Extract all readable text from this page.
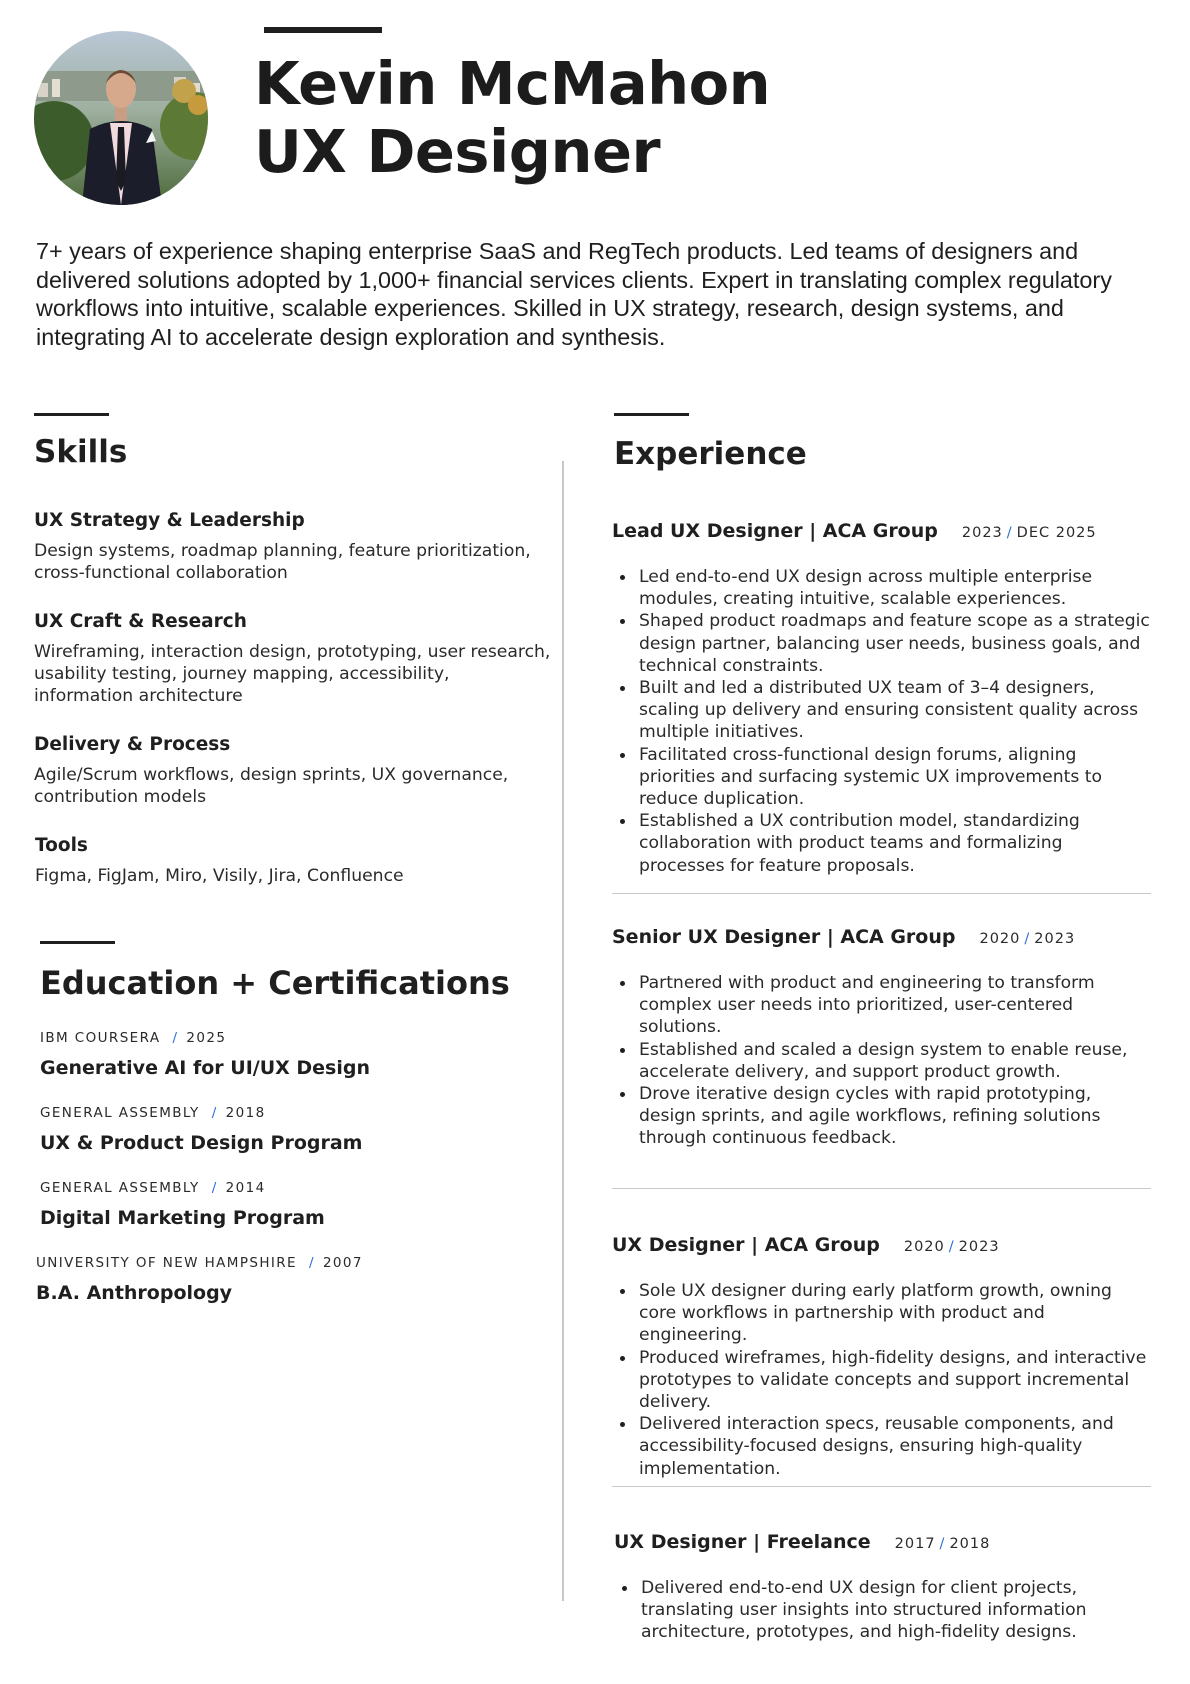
Kevin McMahon
UX Designer

7+ years of experience shaping enterprise SaaS and RegTech products. Led teams of designers and delivered solutions adopted by 1,000+ financial services clients. Expert in translating complex regulatory workflows into intuitive, scalable experiences. Skilled in UX strategy, research, design systems, and integrating AI to accelerate design exploration and synthesis.

Skills
UX Strategy & Leadership
Design systems, roadmap planning, feature prioritization, cross-functional collaboration
UX Craft & Research
Wireframing, interaction design, prototyping, user research, usability testing, journey mapping, accessibility, information architecture
Delivery & Process
Agile/Scrum workflows, design sprints, UX governance, contribution models
Tools
Figma, FigJam, Miro, Visily, Jira, Confluence
Education + Certifications
IBM COURSERA / 2025
Generative AI for UI/UX Design
GENERAL ASSEMBLY / 2018
UX & Product Design Program
GENERAL ASSEMBLY / 2014
Digital Marketing Program
UNIVERSITY OF NEW HAMPSHIRE / 2007
B.A. Anthropology
Experience
Lead UX Designer | ACA Group 2023 / DEC 2025
Led end-to-end UX design across multiple enterprise modules, creating intuitive, scalable experiences.
Shaped product roadmaps and feature scope as a strategic design partner, balancing user needs, business goals, and technical constraints.
Built and led a distributed UX team of 3–4 designers, scaling up delivery and ensuring consistent quality across multiple initiatives.
Facilitated cross-functional design forums, aligning priorities and surfacing systemic UX improvements to reduce duplication.
Established a UX contribution model, standardizing collaboration with product teams and formalizing processes for feature proposals.
Senior UX Designer | ACA Group 2020 / 2023
Partnered with product and engineering to transform complex user needs into prioritized, user-centered solutions.
Established and scaled a design system to enable reuse, accelerate delivery, and support product growth.
Drove iterative design cycles with rapid prototyping, design sprints, and agile workflows, refining solutions through continuous feedback.
UX Designer | ACA Group 2020 / 2023
Sole UX designer during early platform growth, owning core workflows in partnership with product and engineering.
Produced wireframes, high-fidelity designs, and interactive prototypes to validate concepts and support incremental delivery.
Delivered interaction specs, reusable components, and accessibility-focused designs, ensuring high-quality implementation.
UX Designer | Freelance 2017 / 2018
Delivered end-to-end UX design for client projects, translating user insights into structured information architecture, prototypes, and high-fidelity designs.
